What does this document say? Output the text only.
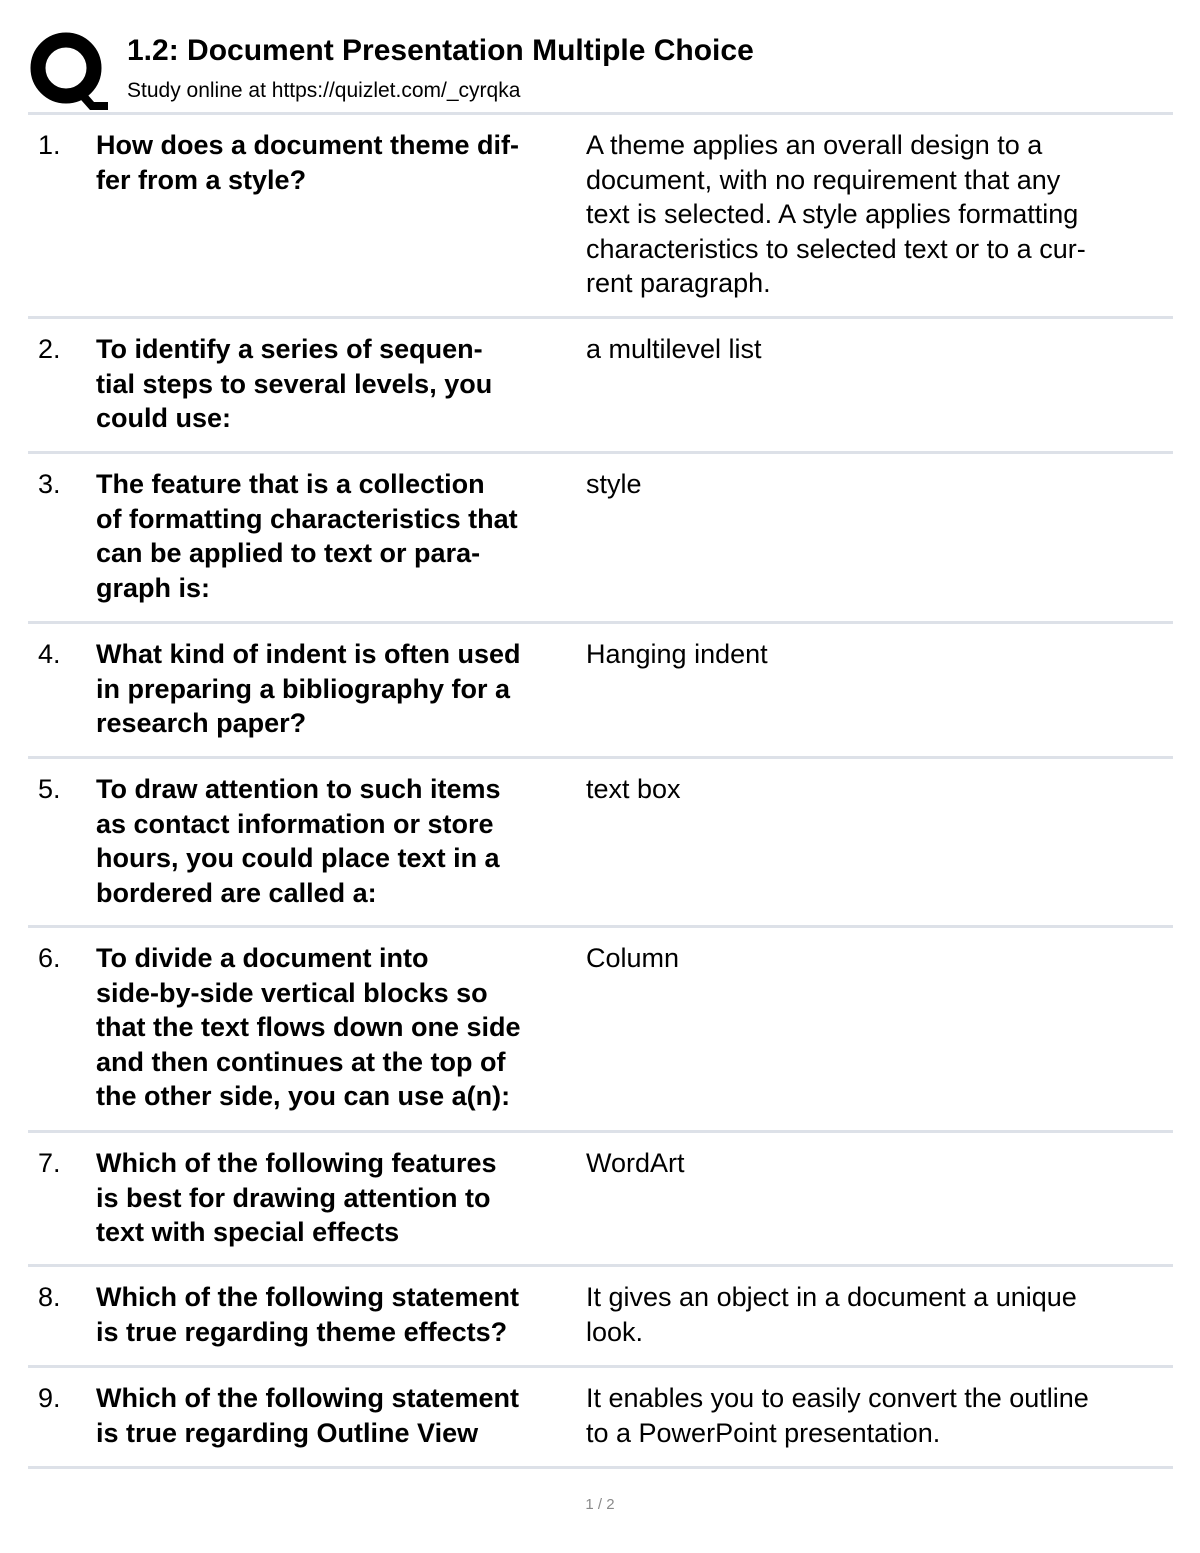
1.2: Document Presentation Multiple Choice
Study online at https://quizlet.com/_cyrqka
1. How does a document theme dif-
fer from a style?
A theme applies an overall design to a
document, with no requirement that any
text is selected. A style applies formatting
characteristics to selected text or to a cur-
rent paragraph.
2. To identify a series of sequen-
tial steps to several levels, you
could use:
a multilevel list
3. The feature that is a collection
of formatting characteristics that
can be applied to text or para-
graph is:
style
4. What kind of indent is often used
in preparing a bibliography for a
research paper?
Hanging indent
5. To draw attention to such items
as contact information or store
hours, you could place text in a
bordered are called a:
text box
6. To divide a document into
side-by-side vertical blocks so
that the text flows down one side
and then continues at the top of
the other side, you can use a(n):
Column
7. Which of the following features
is best for drawing attention to
text with special effects
WordArt
8. Which of the following statement
is true regarding theme effects?
It gives an object in a document a unique
look.
9. Which of the following statement
is true regarding Outline View
It enables you to easily convert the outline
to a PowerPoint presentation.
1 / 2
